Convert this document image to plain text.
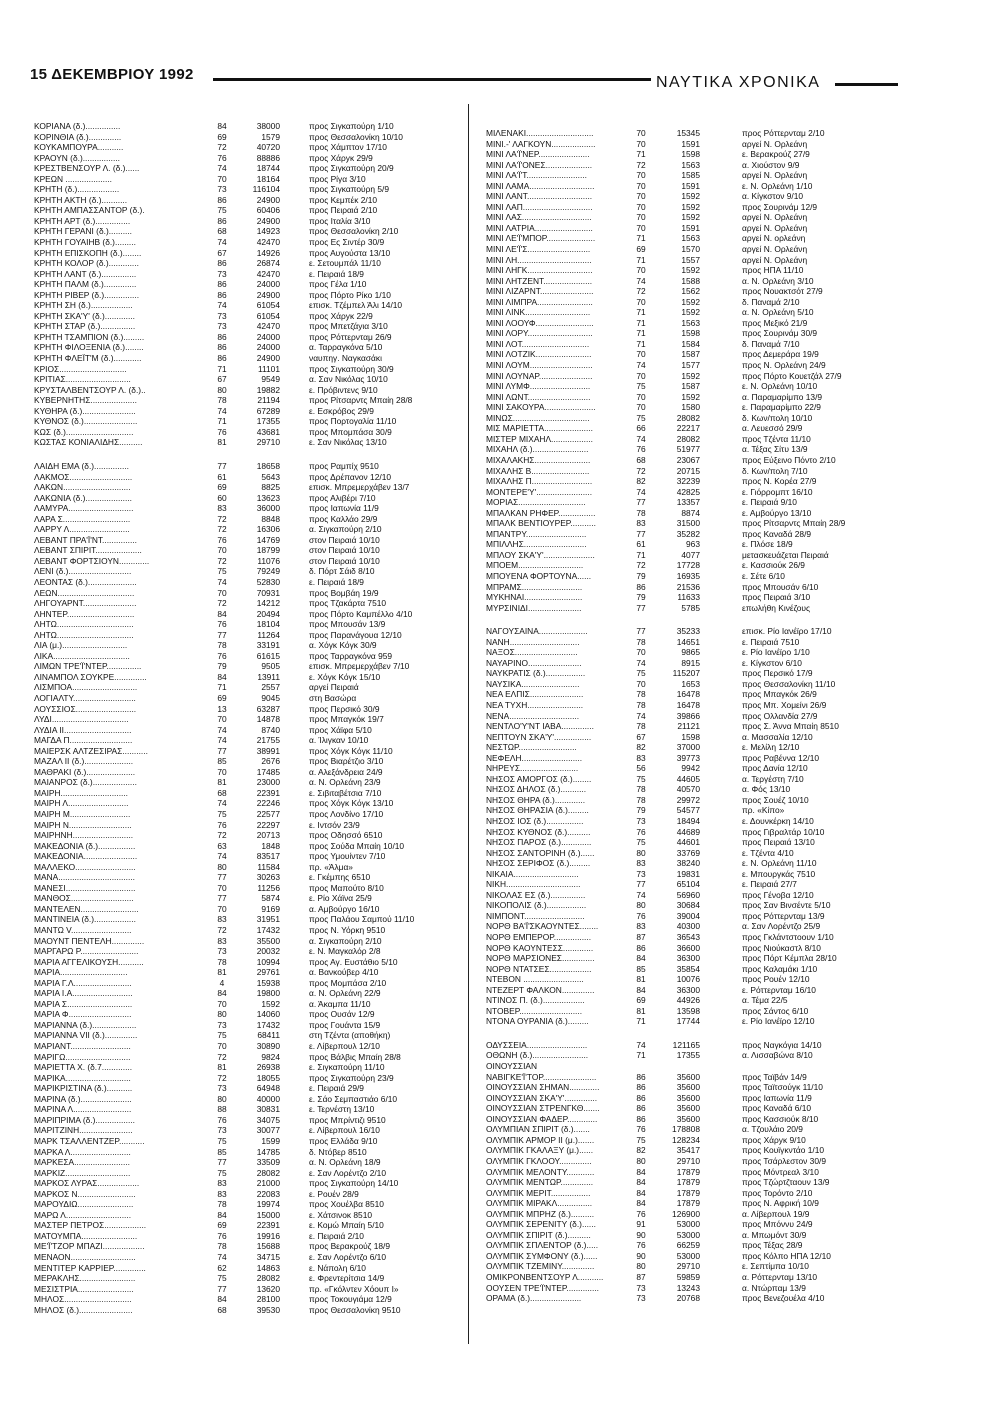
15 ΔΕΚΕΜΒΡΙΟΥ 1992	ΝΑΥΤΙΚΑ ΧΡΟΝΙΚΑ
ΚΟΡΙΑΝΑ (δ.)...............	84	38000	προς Σιγκαπούρη 1/10
ΚΟΡΙΝΘΙΑ (δ.)..............	69	1579	προς Θεσσαλονίκη 10/10
ΚΟΥΚΑΜΠΟΥΡΑ...........	72	40720	προς Χάμπτον 17/10
ΚΡΑΟΥΝ (δ.)................	76	88886	προς Χάρyκ 29/9
ΚΡΕΣΤΒΕΝΣΟΥΡ Λ. (δ.)......	74	18744	προς Σιγκαπούρη 20/9
ΚΡΕΩΝ ....................	70	18164	προς Ρίγα 3/10
ΚΡΗΤΗ (δ.)..................	73	116104	προς Σιγκαπούρη 5/9
ΚΡΗΤΗ ΑΚΤΗ (δ.)...........	86	24900	προς Κεμπέκ 2/10
ΚΡΗΤΗ ΑΜΠΑΣΣΑΝΤΟΡ (δ.).	75	60406	προς Πειραιά 2/10
ΚΡΗΤΗ ΑΡΤ (δ.)...............	86	24900	προς Ιταλία 3/10
ΚΡΗΤΗ ΓΕΡΑΝΙ (δ.)..........	68	14923	προς Θεσσαλονίκη 2/10
ΚΡΗΤΗ ΓΟΥΑΙΗΒ (δ.).........	74	42470	προς Ες Σιντέρ 30/9
ΚΡΗΤΗ ΕΠΙΣΚΟΠΗ (δ.)........	67	14926	προς Αυγούστα 13/10
ΚΡΗΤΗ ΚΟΛΟΡ (δ.).............	86	26874	ε. Σετουμπάλ 11/10
ΚΡΗΤΗ ΛΑΝΤ (δ.)...............	73	42470	ε. Πειραιά 18/9
ΚΡΗΤΗ ΠΑΛΜ (δ.)..............	86	24000	προς Γέλα 1/10
ΚΡΗΤΗ ΡΙΒΕΡ (δ.)...............	86	24900	προς Πόρτο Ρίκο 1/10
ΚΡΗΤΗ ΣΗ (δ.)..................	74	61054	επισκ. Τζέμπελ Άλι 14/10
ΚΡΗΤΗ ΣΚΑ'Υ' (δ.).............	73	61054	προς Χάρyκ 22/9
ΚΡΗΤΗ ΣΤΑΡ (δ.)...............	73	42470	προς Μπετζάyια 3/10
ΚΡΗΤΗ ΤΣΑΜΠΙΟΝ (δ.).........	86	24000	προς Ρόττερνταμ 26/9
ΚΡΗΤΗ ΦΙΛΟΞΕΝΙΑ (δ.)........	86	24000	α. Ταρραγκόνα 5/10
ΚΡΗΤΗ ΦΛΕΪΤ'Μ (δ.)............	86	24900	ναυπηγ. Ναγκασάκι
ΚΡΙΟΣ.............................	71	11101	προς Σιγκαπούρη 30/9
ΚΡΙΤΙΑΣ............................	67	9549	α. Σαν Νικόλας 10/10
ΚΡΥΣΤΑΛΒΕΝΤΣΟΥΡ Λ. (δ.)..	80	19882	ε. Πρόβιντενς 9/10
ΚΥΒΕΡΝΗΤΗΣ....................	78	21194	προς Ρίτσαρντς Μπαίη 28/8
ΚΥΘΗΡΑ (δ.).......................	74	67289	ε. Εσκρόβος 29/9
ΚΥΘΝΟΣ (δ.).......................	71	17355	προς Πορτογαλία 11/10
ΚΩΣ (δ.).............................	76	43681	προς Μπομπάσα 30/9
ΚΩΣΤΑΣ ΚΟΝΙΑΛΙΔΗΣ..........	81	29710	ε. Σαν Νικόλας 13/10
ΛΑΙΔΗ ΕΜΑ (δ.)...............	77	18658	προς Ραμπίχ 9510
ΛΑΚΜΟΣ...........................	61	5643	προς Δρέπανον 12/10
ΛΑΚΩΝ.............................	69	8825	επισκ. Μπρεμερχάβεν 13/7
ΛΑΚΩΝΙΑ (δ.)....................	60	13623	προς Αλιβέρι 7/10
ΛΑΜΥΡΑ............................	83	36000	προς Ιαπωνία 11/9
ΛΑΡΑ Σ.............................	72	8848	προς Καλλάο 29/9
ΛΑΡΡΥ Λ..........................	72	16306	α. Σιγκαπούρη 2/10
ΛΕΒΑΝΤ ΠΡΑ'Ϊ'ΝΤ...............	76	14769	στον Πειραιά 10/10
ΛΕΒΑΝΤ ΣΠΙΡΙΤ....................	70	18799	στον Πειραιά 10/10
ΛΕΒΑΝΤ ΦΟΡΤΣΙΟΥΝ.............	72	11076	στον Πειραιά 10/10
ΛΕΝΙ (δ.)...........................	75	79249	δ. Πόρτ Σάιδ 8/10
ΛΕΟΝΤΑΣ (δ.).....................	74	52830	ε. Πειραιά 18/9
ΛΕΩΝ.................................	70	70931	προς Βομβάη 19/9
ΛΗΓΟΥΑΡΝΤ.......................	72	14212	προς Τζακάρτα 7510
ΛΗΝΤΕΡ.............................	84	20494	προς Πόρτο Καμπέλλο 4/10
ΛΗΤΩ.................................	76	18104	προς Μπουσάν 13/9
ΛΗΤΩ.................................	77	11264	προς Παρανάγουα 12/10
ΛΙΑ (μ.)............................	78	33191	α. Χόγκ Κόγκ 30/9
ΛΙΚΑ.................................	76	61615	προς Ταρραγκόνα 959
ΛΙΜΩΝ ΤΡΕ'Ϊ'ΝΤΕΡ...............	79	9505	επισκ. Μπρεμερχάβεν 7/10
ΛΙΝΑΜΠΟΛ ΣΟΥΚΡΕ..............	84	13911	ε. Χόγκ Κόγκ 15/10
ΛΙΣΜΠΟΑ............................	71	2557	αργεί Πειραιά
ΛΟΓΙΑΛΤΥ...........................	69	9045	στη Βασώρα
ΛΟΥΣΣΙΟΣ..........................	13	63287	προς Περσικό 30/9
ΛΥΔΙ.................................	70	14878	προς Μπαγκόκ 19/7
ΛΥΔΙΑ ΙΙ.............................	74	8740	προς Χάϊφα 5/10
ΜΑΓΔΑ Π...........................	74	21755	α. Ίλιγκαν 10/10
ΜΑΙΕΡΣΚ ΑΛΤΖΕΣΙΡΑΣ...........	77	38991	προς Χόγκ Κόγκ 11/10
ΜΑΖΑΛ ΙΙ (δ.).....................	85	2676	προς Βιαρέτζιο 3/10
ΜΑΘΡΑΚΙ (δ.).....................	70	17485	α. Αλεξάνδρεια 24/9
ΜΑΙΑΝΡΟΣ (δ.)...................	81	23000	α. Ν. Ορλεάνη 23/9
ΜΑΙΡΗ.............................	68	22391	ε. Σιβιταβέτσια 7/10
ΜΑΙΡΗ Λ..........................	74	22246	προς Χόγκ Κόγκ 13/10
ΜΑΙΡΗ Μ..........................	75	22577	προς Λονδίνο 17/10
ΜΑΙΡΗ Ν...........................	76	22297	ε. Ιντσόν 23/9
ΜΑΙΡΗΝΗ..........................	72	20713	προς Οδησσό 6510
ΜΑΚΕΔΟΝΙΑ (δ.)................	63	1848	προς Σούδα Μπαίη 10/10
ΜΑΚΕΔΟΝΙΑ.......................	74	83517	προς Υμουίντεν 7/10
ΜΑΛΛΕΚΟ..........................	80	11584	πρ. «Άλμα»
ΜΑΝΑ.................................	77	30263	ε. Γκέμπης 6510
ΜΑΝΕΣΙ..............................	70	11256	προς Μαπούτο 8/10
ΜΑΝΘΟΣ...........................	77	5874	ε. Ρίο Χάϊνα 25/9
ΜΑΝΤΕΛΕΝ.........................	70	9169	α. Αμβούργο 16/10
ΜΑΝΤΙΝΕΙΑ (δ.)..................	83	31951	προς Παλάου Σαμπού 11/10
ΜΑΝΤΩ V..........................	72	17432	προς Ν. Υόρκη 9510
ΜΑΟΥΝΤ ΠΕΝΤΕΛΗ..............	83	35500	α. Σιγκαπούρη 2/10
ΜΑΡΓΑΡΩ Ρ.........................	73	20032	ε. Ν. Μαγκαλόρ 2/8
ΜΑΡΙΑ ΑΓΓΕΛΙΚΟΥΣΗ...........	78	10994	προς Αγ. Ευστάθιο 5/10
ΜΑΡΙΑ.............................	81	29761	α. Βανκούβερ 4/10
ΜΑΡΙΑ Γ.Λ.........................	4	15938	προς Μομπάσα 2/10
ΜΑΡΙΑ Ι.Α..........................	84	19800	α. Ν. Ορλεάνη 22/9
ΜΑΡΙΑ Σ............................	70	1592	α. Άκαμπα 11/10
ΜΑΡΙΑ Φ...........................	80	14060	προς Ουσάν 12/9
ΜΑΡΙΑΝΝΑ (δ.)...................	73	17432	προς Γουάντα 15/9
ΜΑΡΙΑΝΝΑ VII (δ.)..............	75	68411	στη Τζέντα (αποθήκη)
ΜΑΡΙΑΝΤ..........................	70	30890	ε. Λίβερπουλ 12/10
ΜΑΡΙΓΩ............................	72	9824	προς Βάλβις Μπαίη 28/8
ΜΑΡΙΕΤΤΑ Χ. (δ.7.............	81	26938	ε. Σιγκαπούρη 11/10
ΜΑΡΙΚΑ............................	72	18055	προς Σιγκαπούρη 23/9
ΜΑΡΙΚΡΙΣΤΙΝΑ (δ.)...........	73	64948	ε. Πειραιά 29/9
ΜΑΡΙΝΑ (δ.)......................	80	40000	ε. Σάο Σεμπαστιάο 6/10
ΜΑΡΙΝΑ Λ.........................	88	30831	ε. Τερνέστη 13/10
ΜΑΡΙΠΡΙΜΑ (δ.).................	76	34075	προς Μπρίντιζι 9510
ΜΑΡΙΤΖΙΝΗ.......................	73	30077	ε. Λίβερπουλ 16/10
ΜΑΡΚ ΤΣΑΛΛΕΝΤΖΕΡ...........	75	1599	προς Ελλάδα 9/10
ΜΑΡΚΑ Λ..........................	85	14785	δ. Ντόβερ 8510
ΜΑΡΚΕΣΑ........................	77	33509	α. Ν. Ορλεάνη 18/9
ΜΑΡΚΙΖ............................	75	28082	ε. Σαν Λορέντζο 2/10
ΜΑΡΚΟΣ ΛΥΡΑΣ..................	83	21000	προς Σιγκαπούρη 14/10
ΜΑΡΚΟΣ Ν.........................	83	22083	ε. Ρουέν 28/9
ΜΑΡΟΥΔΙΩ........................	78	19974	προς Χουέλβα 8510
ΜΑΡΩ Λ............................	84	15000	ε. Χάτσινοκ 8510
ΜΑΣΤΕΡ ΠΕΤΡΟΣ..................	69	22391	ε. Κομώ Μπαίη 5/10
ΜΑΤΟΥΜΠΑ........................	76	19916	ε. Πειραιά 2/10
ΜΕ'Ϊ'ΤΖΟΡ ΜΠΑΖΙ..................	78	15688	προς Βερακρούζ 18/9
ΜΕΝΑΟΝ............................	74	34715	ε. Σαν Λορέντζο 6/10
ΜΕΝΤΙΤΕΡ ΚΑΡΡΙΕΡ..............	62	14863	ε. Νάπολη 6/10
ΜΕΡΑΚΛΗΣ........................	75	28082	ε. Φρεντερίτσια 14/9
ΜΕΣΙΣΤΡΙΑ........................	77	13620	πρ. «Γκόλντεν Χόουπ Ι»
ΜΗΛΟΣ.............................	84	28100	προς Τοκουγιάμα 12/9
ΜΗΛΟΣ (δ.).......................	68	39530	προς Θεσσαλονίκη 9510
ΜΙΛΕΝΑΚΙ.............................	70	15345	προς Ρόττερνταμ 2/10
ΜΙΝΙ.-' ΛΑΓΚΟΥΝ...................	70	1591	αργεί Ν. Ορλεάνη
ΜΙΝΙ ΛΑ'Ϊ'ΝΕΡ......................	71	1598	ε. Βερακρούζ 27/9
ΜΙΝΙ ΛΑ'Ϊ'ΟΝΕΣ....................	72	1563	α. Χιούστον 9/9
ΜΙΝΙ ΛΑ'Ϊ'Τ..........................	70	1585	αργεί Ν. Ορλεάνη
ΜΙΝΙ ΛΑΜΑ............................	70	1591	ε. Ν. Ορλεάνη 1/10
ΜΙΝΙ ΛΑΝΤ............................	70	1592	α. Κίγκστον 9/10
ΜΙΝΙ ΛΑΠ..............................	70	1592	προς Σουρινάμ 12/9
ΜΙΝΙ ΛΑΣ..............................	70	1592	αργεί Ν. Ορλεάνη
ΜΙΝΙ ΛΑΤΡΙΑ.........................	70	1591	αργεί Ν. Ορλεάνη
ΜΙΝΙ ΛΕ'Ϊ'ΜΠΟΡ.....................	71	1563	αργεί Ν. ορλεάνη
ΜΙΝΙ ΛΕ'Ϊ'Σ...........................	69	1570	αργεί Ν. Ορλεάνη
ΜΙΝΙ ΛΗ................................	71	1557	αργεί Ν. Ορλεάνη
ΜΙΝΙ ΛΗΓΚ............................	70	1592	προς ΗΠΑ 11/10
ΜΙΝΙ ΛΗΤΖΕΝΤ.....................	74	1588	α. Ν. Ορλεάνη 3/10
ΜΙΝΙ ΛΙΖΑΡΝΤ.......................	72	1562	προς Νουακτσότ 27/9
ΜΙΝΙ ΛΙΜΠΡΑ........................	70	1592	δ. Παναμά 2/10
ΜΙΝΙ ΛΙΝΚ............................	71	1592	α. Ν. Ορλεάνη 5/10
ΜΙΝΙ ΛΟΟΥΦ.........................	71	1563	προς Μεξικό 21/9
ΜΙΝΙ ΛΟΡΥ............................	71	1598	προς Σουρινάμ 30/9
ΜΙΝΙ ΛΟΤ.............................	71	1584	δ. Παναμά 7/10
ΜΙΝΙ ΛΟΤΖΙΚ........................	70	1587	προς Δεμεράρα 19/9
ΜΙΝΙ ΛΟΥΜ...........................	74	1577	προς Ν. Ορλεάνη 24/9
ΜΙΝΙ ΛΟΥΝΑΡ.......................	70	1592	προς Πόρτο Κουετζάλ 27/9
ΜΙΝΙ ΛΥΜΦ..........................	75	1587	ε. Ν. Ορλεάνη 10/10
ΜΙΝΙ ΛΩΝΤ...........................	70	1592	α. Παραμαρίμπο 13/9
ΜΙΝΙ ΣΑΚΟΥΡΑ......................	70	1580	ε. Παραμαρίμπο 22/9
ΜΙΝΩΣ.................................	75	28082	δ. Κων/πολη 10/10
ΜΙΣ ΜΑΡΙΕΤΤΑ.....................	66	22217	α. Λευεσσό 29/9
ΜΙΣΤΕΡ ΜΙΧΑΗΛ..................	74	28082	προς Τζέντα 11/10
ΜΙΧΑΗΛ (δ.)........................	76	51977	α. Τέξας Σίτυ 13/9
ΜΙΧΑΛΑΚΗΣ........................	68	23067	προς Εύξεινο Πόντο 2/10
ΜΙΧΑΛΗΣ Β.........................	72	20715	δ. Κων/πολη 7/10
ΜΙΧΑΛΗΣ Π..........................	82	32239	προς Ν. Κορέα 27/9
ΜΟΝΤΕΡΕ'Υ'........................	74	42825	ε. Γιόρρομπτ 16/10
ΜΟΡΙΑΣ.............................	77	13357	ε. Πειραιά 9/10
ΜΠΑΛΚΑΝ ΡΗΦΕΡ................	78	8874	ε. Αμβούργο 13/10
ΜΠΑΛΚ ΒΕΝΤΙΟΥΡΕΡ...........	83	31500	προς Ρίτσαρντς Μπαίη 28/9
ΜΠΑΝΤΡΥ..........................	77	35282	προς Καναδά 28/9
ΜΠΙΛΛΗΣ...........................	61	963	ε. Πλόσε 18/9
ΜΠΛΟΥ ΣΚΑ'Υ'......................	71	4077	μετασκευάζεται Πειραιά
ΜΠΟΕΜ............................	72	17728	ε. Κασσιούκ 26/9
ΜΠΟΥΕΝΑ ΦΟΡΤΟΥΝΑ......	79	16935	ε. Σέτε 6/10
ΜΠΡΑΜΣ..........................	86	21536	προς Μπουσάν 6/10
ΜΥΚΗΝΑΙ.........................	79	11633	προς Πειραιά 3/10
ΜΥΡΣΙΝΙΔΙ.......................	77	5785	επωλήθη Κινέζους
ΝΑΓΟΥΣΑΙΝΑ.....................	77	35233	επισκ. Ρίο Ιανέϊρο 17/10
ΝΑΝΗ..............................	78	14651	ε. Πειραιά 7510
ΝΑΞΟΣ...........................	70	9865	ε. Ρίο Ιανέϊρο 1/10
ΝΑΥΑΡΙΝΟ.......................	74	8915	ε. Κίγκστον 6/10
ΝΑΥΚΡΑΤΙΣ (δ.).................	75	115207	προς Περσικό 17/9
ΝΑΥΣΙΚΑ.........................	70	1653	προς Θεσσαλονίκη 11/10
ΝΕΑ ΕΛΠΙΣ.......................	78	16478	προς Μπαγκόκ 26/9
ΝΕΑ ΤΥΧΗ........................	78	16478	προς Μπ. Χομείνι 26/9
ΝΕΝΑ..............................	74	39866	προς Ολλανδία 27/9
ΝΕΝΤΛΟ'Υ'ΝΤ ΙΑΒΑ..............	78	21121	προς Σ. Άννα Μπαίη 8510
ΝΕΠΤΟΥΝ ΣΚΑ'Υ'................	67	1598	α. Μασσαλία 12/10
ΝΕΣΤΩΡ.........................	82	37000	ε. Μελίλη 12/10
ΝΕΦΕΛΗ..........................	83	39773	προς Ραβέννα 12/10
ΝΗΡΕΥΣ.........................	56	9942	προς Δανία 12/10
ΝΗΣΟΣ ΑΜΟΡΓΟΣ (δ.)........	75	44605	α. Τεργέστη 7/10
ΝΗΣΟΣ ΔΗΛΟΣ (δ.)...........	78	40570	α. Φός 13/10
ΝΗΣΟΣ ΘΗΡΑ (δ.).............	78	29972	προς Σουέζ 10/10
ΝΗΣΟΣ ΘΗΡΑΣΙΑ (δ.).........	79	54577	πρ. «Κίπο»
ΝΗΣΟΣ ΙΟΣ (δ.)................	73	18494	ε. Δουνκέρκη 14/10
ΝΗΣΟΣ ΚΥΘΝΟΣ (δ.)..........	76	44689	προς Γιβραλτάρ 10/10
ΝΗΣΟΣ ΠΑΡΟΣ (δ.).............	75	44601	προς Πειραιά 13/10
ΝΗΣΟΣ ΣΑΝΤΟΡΙΝΗ (δ.)......	80	33769	ε. Τζέντα 4/10
ΝΗΣΟΣ ΣΕΡΙΦΟΣ (δ.).........	83	38240	ε. Ν. Ορλεάνη 11/10
ΝΙΚΑΙΑ............................	73	19831	ε. Μπουργκάς 7510
ΝΙΚΗ................................	77	65104	ε. Πειραιά 27/7
ΝΙΚΟΛΑΣ ΕΣ (δ.)...............	74	56960	προς Γένοβα 12/10
ΝΙΚΟΠΟΛΙΣ (δ.).................	80	30684	προς Σαν Βινσέντε 5/10
ΝΙΜΠΟΝΤ..........................	76	39004	προς Ρόττερνταμ 13/9
ΝΟΡΘ ΒΑ'Ϊ'ΣΚΑΟΥΝΤΕΣ........	83	40300	α. Σαν Λορέντζο 25/9
ΝΟΡΘ ΕΜΠΕΡΟΡ................	87	36543	προς Γκλάντστοουν 1/10
ΝΟΡΘ ΚΑΟΥΝΤΕΣΣ.............	86	36600	προς Νιούκαστλ 8/10
ΝΟΡΘ ΜΑΡΣΙΟΝΕΣ..............	84	36300	προς Πόρτ Κέμπλα 28/10
ΝΟΡΘ ΝΤΑΤΣΕΣ..................	85	35854	προς Καλαμάκι 1/10
ΝΤΕΒΟΝ ..........................	81	10076	προς Ρουέν 12/10
ΝΤΕΖΕΡΤ ΦΑΛΚΟΝ..............	84	36300	ε. Ρόττερνταμ 16/10
ΝΤΙΝΟΣ Π. (δ.)..................	69	44926	α. Τέμα 22/5
ΝΤΟΒΕΡ...........................	81	13598	προς Σάντος 6/10
ΝΤΟΝΑ ΟΥΡΑΝΙΑ (δ.).........	71	17744	ε. Ρίο Ιανέϊρο 12/10
ΟΔΥΣΣΕΙΑ..........................	74	121165	προς Ναγκόγια 14/10
ΟΘΩΝΗ (δ.)........................	71	17355	α. Λισσαβώνα 8/10
ΟΙΝΟΥΣΣΙΑΝ
ΝΑΒΙΓΚΕ'Ϊ'ΤΟΡ.......................	86	35600	προς Ταϊβάν 14/9
ΟΙΝΟΥΣΣΙΑΝ ΣΗΜΑΝ.............	86	35600	προς Ταϊτσούγκ 11/10
ΟΙΝΟΥΣΣΙΑΝ ΣΚΑ'Υ'..............	86	35600	προς Ιαπωνία 11/9
ΟΙΝΟΥΣΣΙΑΝ ΣΤΡΕΝΓΚΘ.......	86	35600	προς Καναδά 6/10
ΟΙΝΟΥΣΣΙΑΝ ΦΑΔΕΡ.............	86	35600	προς Κασσιούκ 8/10
ΟΛΥΜΠΙΑΝ ΣΠΙΡΙΤ (δ.).......	76	178808	α. Τζουλάιο 20/9
ΟΛΥΜΠΙΚ ΑΡΜΟΡ ΙΙ (μ.).......	75	128234	προς Χάρyκ 9/10
ΟΛΥΜΠΙΚ ΓΚΑΛΑΞΥ (μ.)......	82	35417	προς Κουϊγκντάο 1/10
ΟΛΥΜΠΙΚ ΓΚΛΟΟΥ..............	80	29710	προς Τσάρλεστον 30/9
ΟΛΥΜΠΙΚ ΜΕΛΟΝΤΥ............	84	17879	προς Μόντρεαλ 3/10
ΟΛΥΜΠΙΚ ΜΕΝΤΩΡ..............	84	17879	προς Τζώρτζταουν 13/9
ΟΛΥΜΠΙΚ ΜΕΡΙΤ.................	84	17879	προς Τορόντο 2/10
ΟΛΥΜΠΙΚ ΜΙΡΑΚΛ...............	84	17879	προς Ν. Αφρική 10/9
ΟΛΥΜΠΙΚ ΜΠΡΗΖ (δ.)..........	76	126900	α. Λίβερπουλ 19/9
ΟΛΥΜΠΙΚ ΣΕΡΕΝΙΤΥ (δ.)......	91	53000	προς Μπόννυ 24/9
ΟΛΥΜΠΙΚ ΣΠΙΡΙΤ (δ.)..........	90	53000	α. Μπωμόντ 30/9
ΟΛΥΜΠΙΚ ΣΠΛΕΝΤΟΡ (δ.).....	76	66259	προς Τέξας 28/9
ΟΛΥΜΠΙΚ ΣΥΜΦΟΝΥ (δ.)......	90	53000	προς Κόλπο ΗΠΑ 12/10
ΟΛΥΜΠΙΚ ΤΖΕΜΙΝΥ..............	80	29710	ε. Σεπτίμπα 10/10
ΟΜΙΚΡΟΝΒΕΝΤΣΟΥΡ Λ...........	87	59859	α. Ρόττερνταμ 13/10
ΟΟΥΣΕΝ ΤΡΕ'Ϊ'ΝΤΕΡ..............	73	13243	α. Ντώρπαμ 13/9
ΟΡΑΜΑ (δ.)......................	73	20768	προς Βενεζουέλα 4/10
